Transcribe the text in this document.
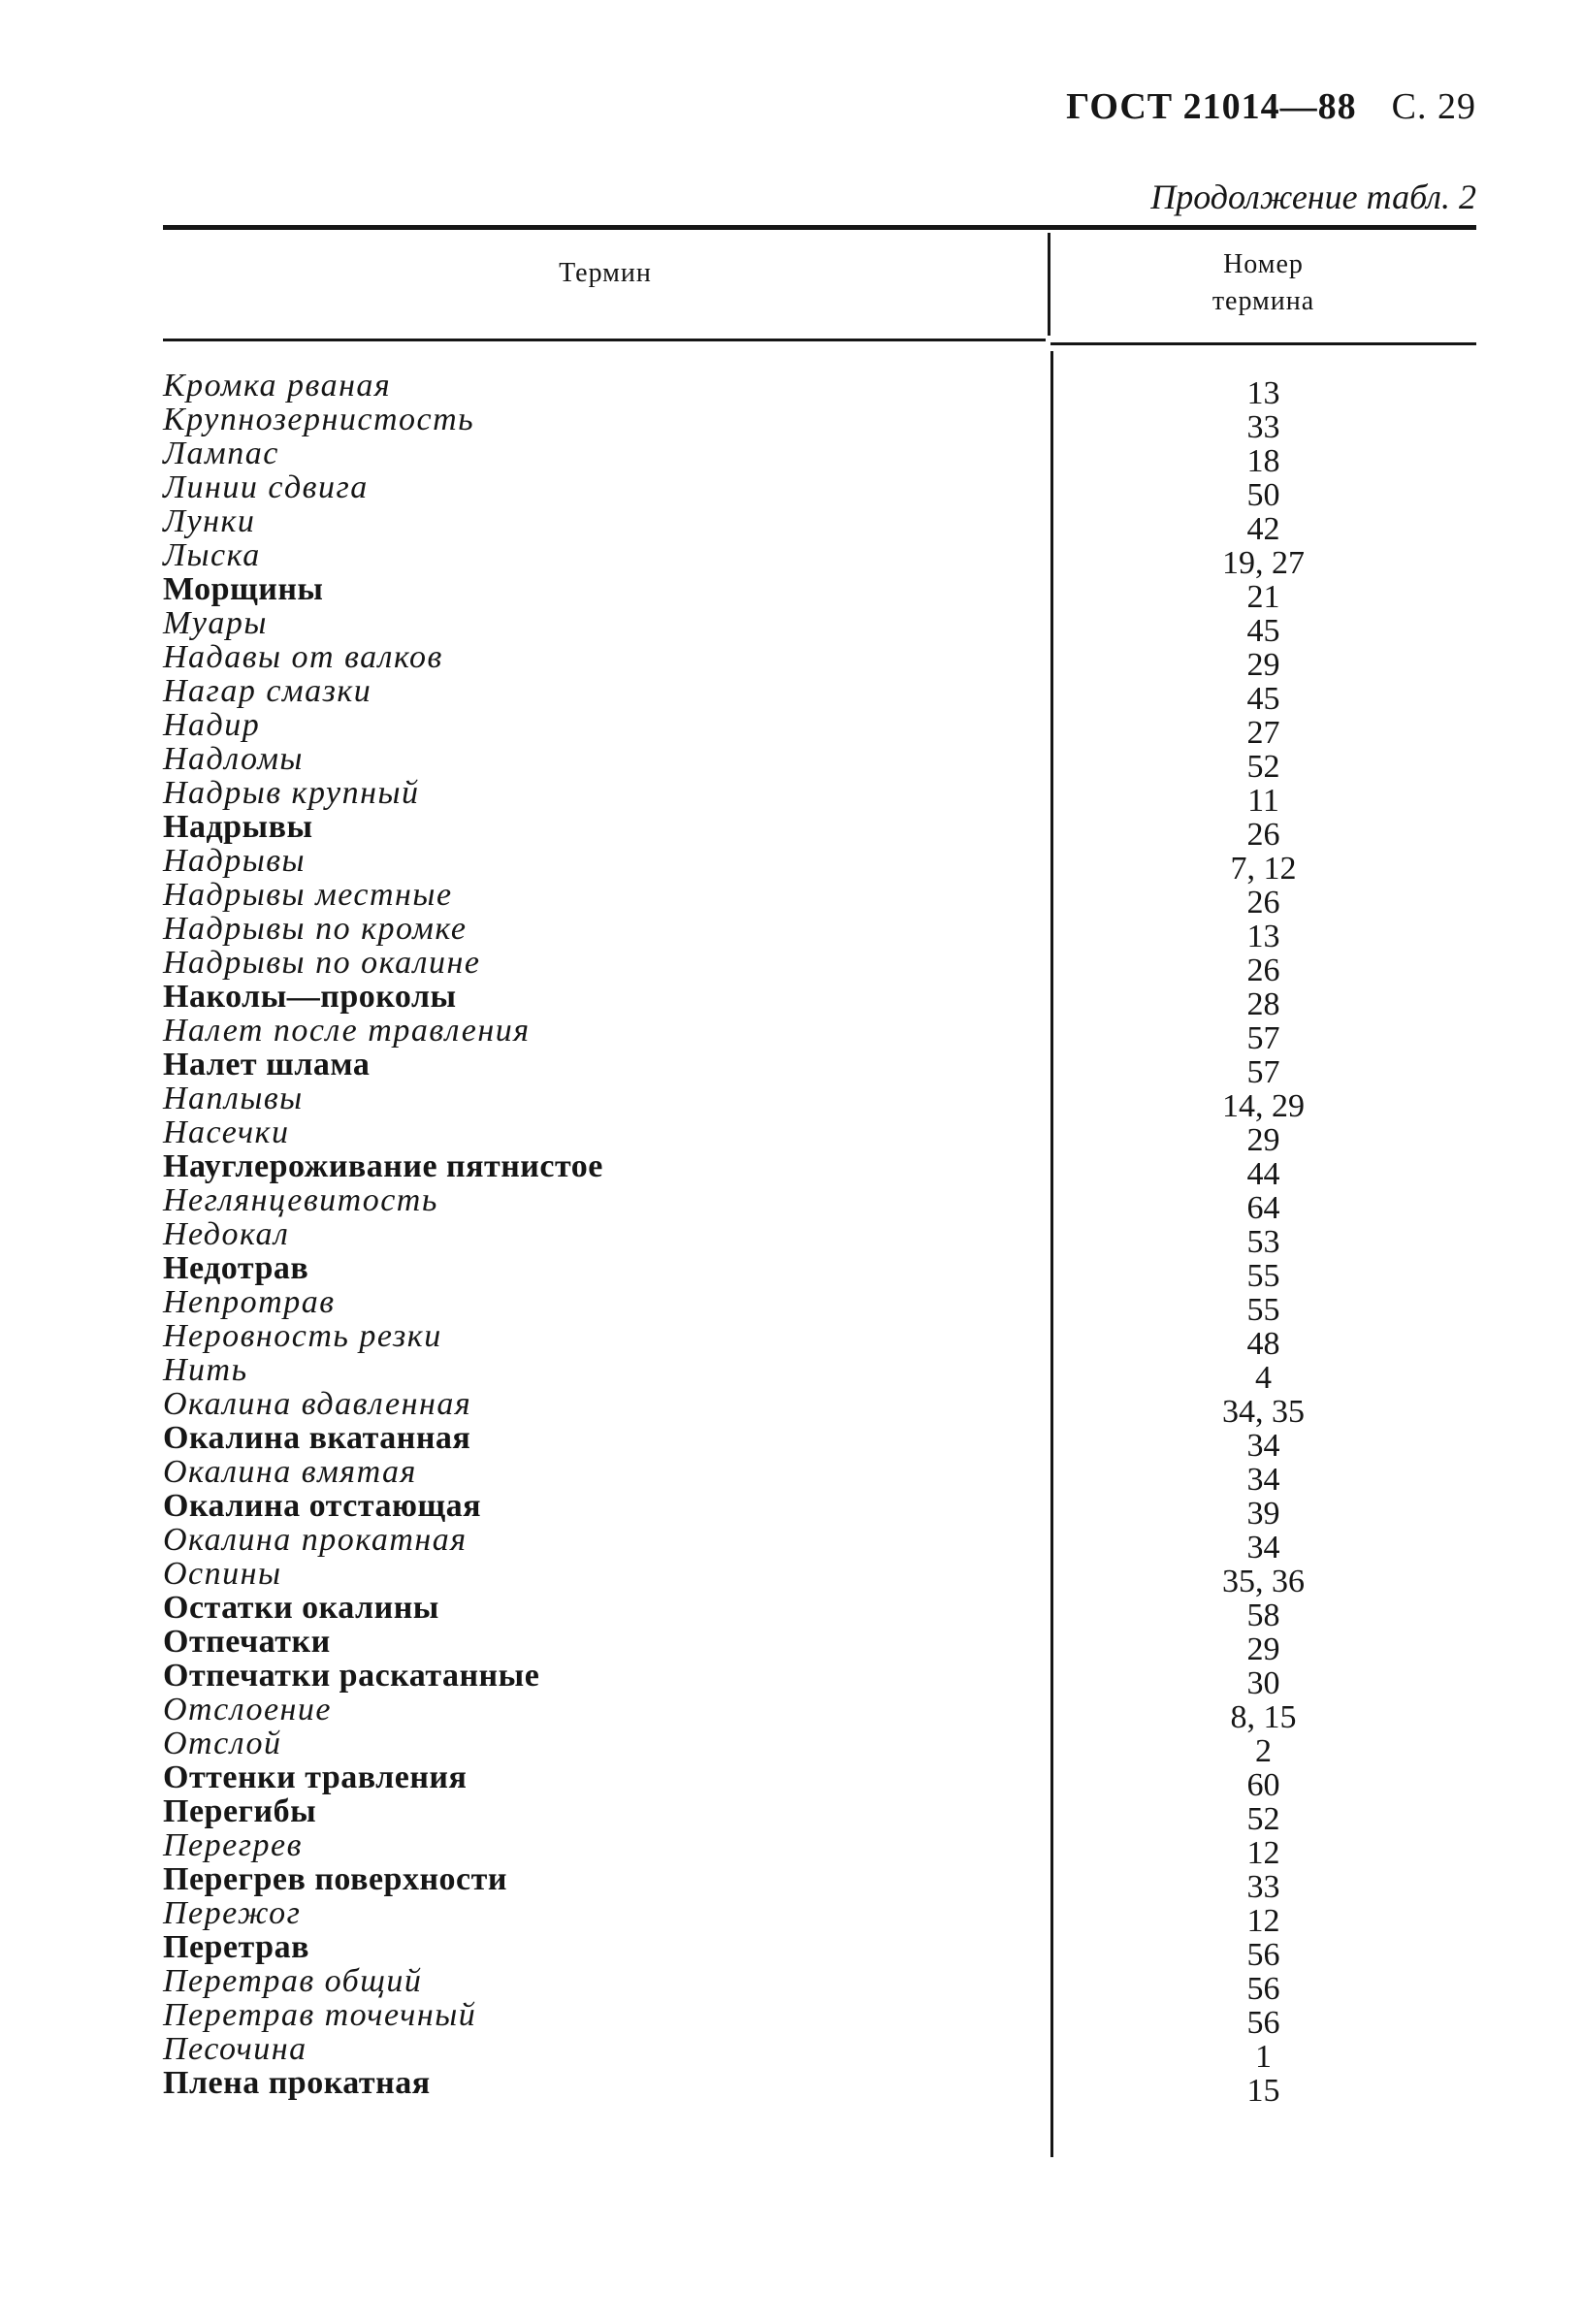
ГОСТ 21014—88 С. 29
Продолжение табл. 2
Термин	Номер
термина
Кромка рваная	13
Крупнозернистость	33
Лампас	18
Линии сдвига	50
Лунки	42
Лыска	19, 27
Морщины	21
Муары	45
Надавы от валков	29
Нагар смазки	45
Надир	27
Надломы	52
Надрыв крупный	11
Надрывы	26
Надрывы	7, 12
Надрывы местные	26
Надрывы по кромке	13
Надрывы по окалине	26
Наколы—проколы	28
Налет после травления	57
Налет шлама	57
Наплывы	14, 29
Насечки	29
Науглероживание пятнистое	44
Неглянцевитость	64
Недокал	53
Недотрав	55
Непротрав	55
Неровность резки	48
Нить	4
Окалина вдавленная	34, 35
Окалина вкатанная	34
Окалина вмятая	34
Окалина отстающая	39
Окалина прокатная	34
Оспины	35, 36
Остатки окалины	58
Отпечатки	29
Отпечатки раскатанные	30
Отслоение	8, 15
Отслой	2
Оттенки травления	60
Перегибы	52
Перегрев	12
Перегрев поверхности	33
Пережог	12
Перетрав	56
Перетрав общий	56
Перетрав точечный	56
Песочина	1
Плена прокатная	15
